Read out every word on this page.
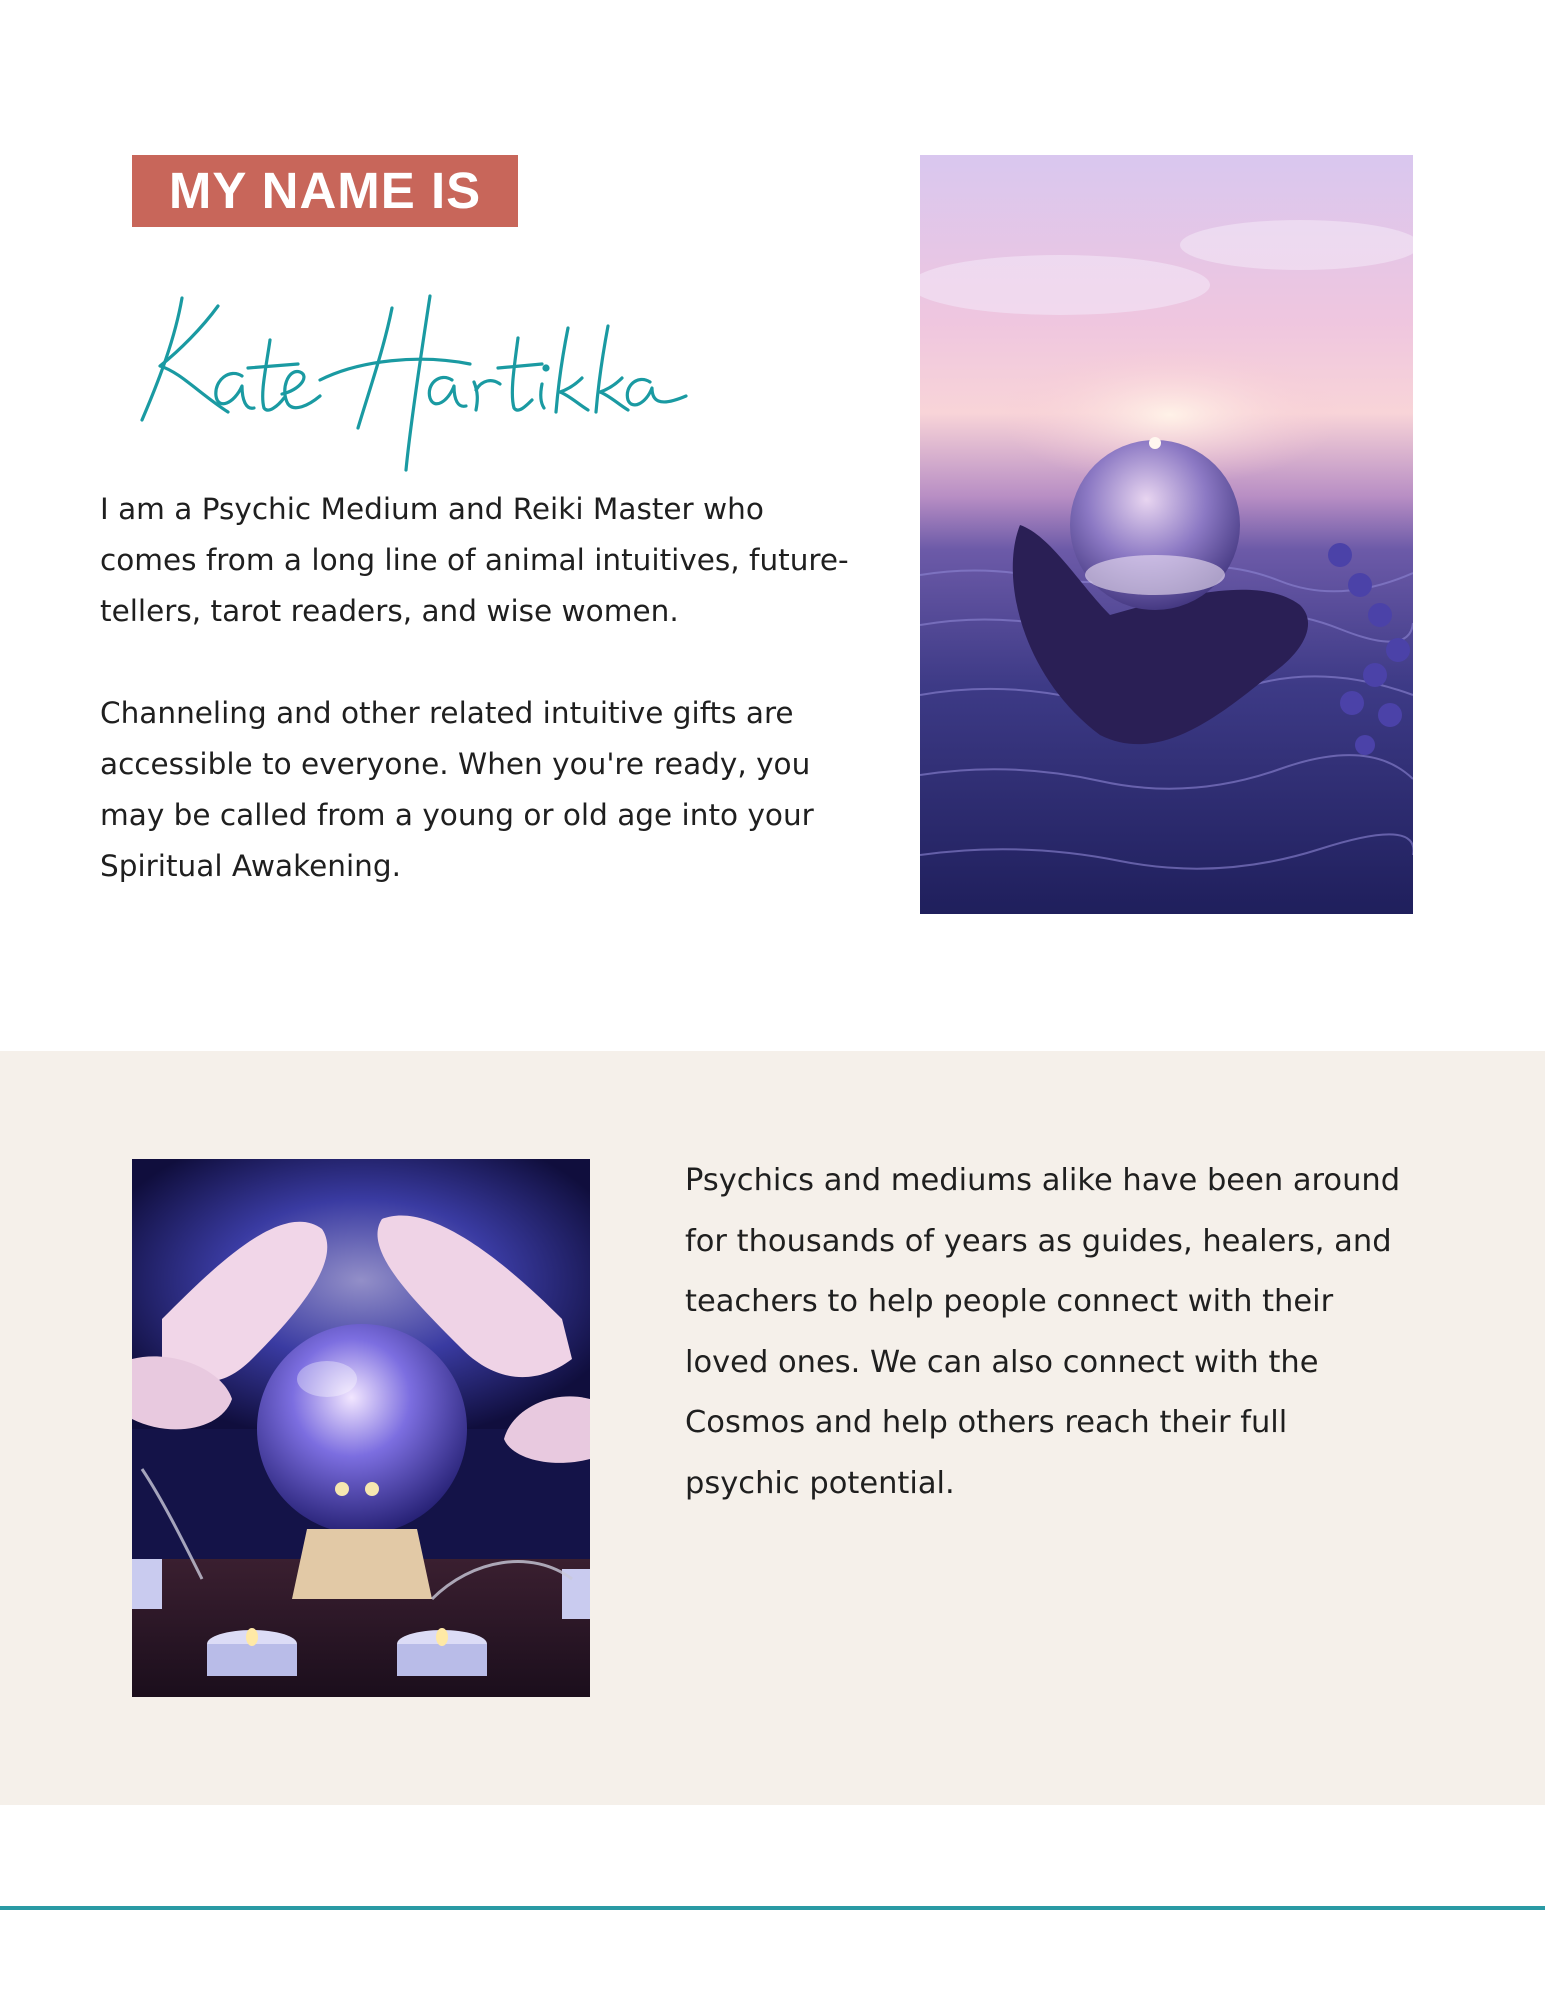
MY NAME IS

I am a Psychic Medium and Reiki Master who comes from a long line of animal intuitives, future-tellers, tarot readers, and wise women.

Channeling and other related intuitive gifts are accessible to everyone. When you're ready, you may be called from a young or old age into your Spiritual Awakening.

Psychics and mediums alike have been around for thousands of years as guides, healers, and teachers to help people connect with their loved ones. We can also connect with the Cosmos and help others reach their full psychic potential.
